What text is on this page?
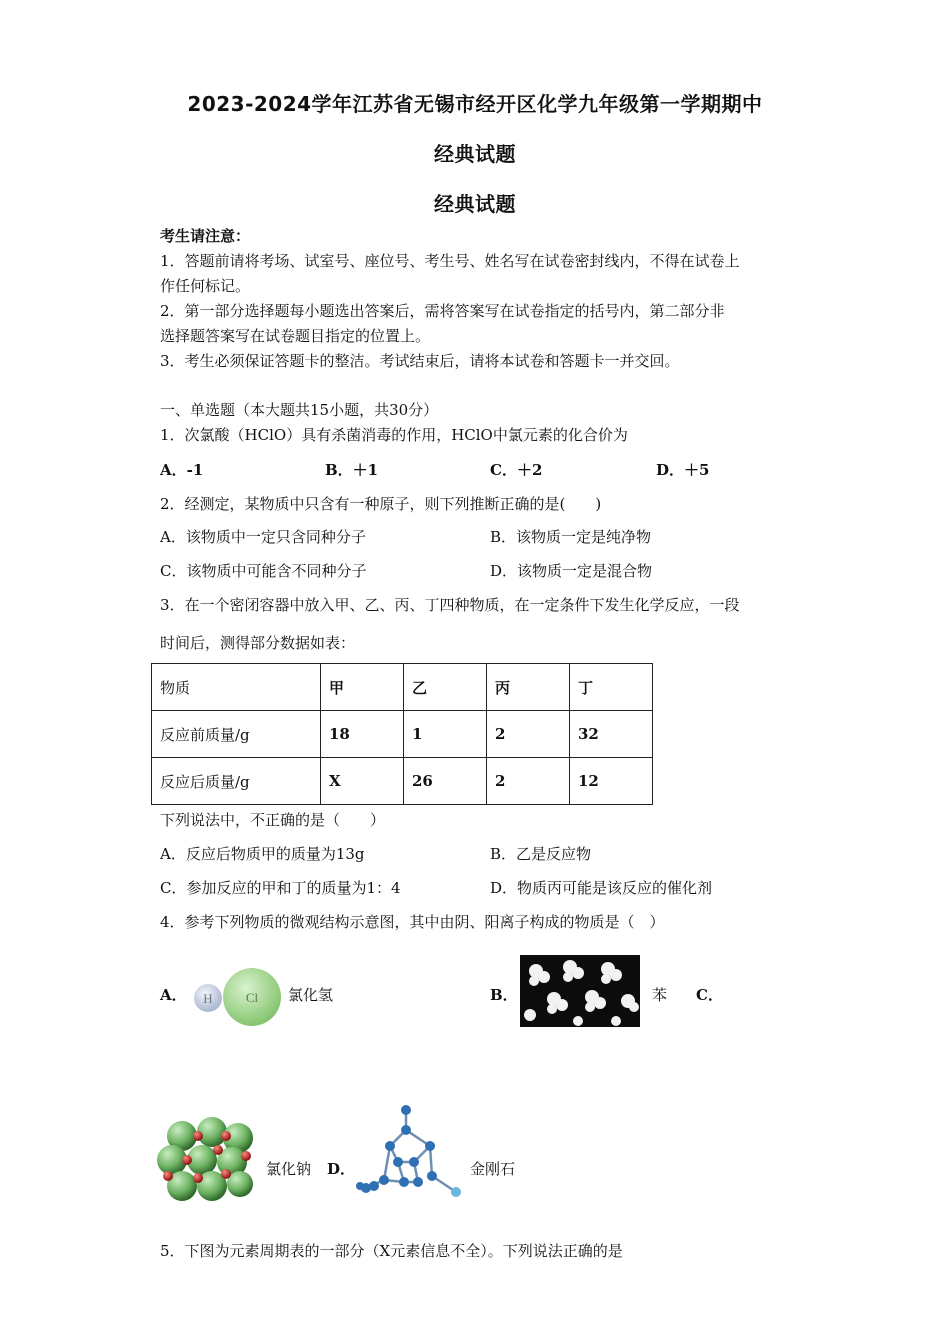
2023-2024学年江苏省无锡市经开区化学九年级第一学期期中
经典试题
经典试题
考生请注意：
1．答题前请将考场、试室号、座位号、考生号、姓名写在试卷密封线内，不得在试卷上
作任何标记。
2．第一部分选择题每小题选出答案后，需将答案写在试卷指定的括号内，第二部分非
选择题答案写在试卷题目指定的位置上。
3．考生必须保证答题卡的整洁。考试结束后，请将本试卷和答题卡一并交回。
一、单选题（本大题共15小题，共30分）
1．次氯酸（HClO）具有杀菌消毒的作用，HClO中氯元素的化合价为
A．-1	B．＋1	C．＋2	D．＋5
2．经测定，某物质中只含有一种原子，则下列推断正确的是(　　)
A．该物质中一定只含同种分子	B．该物质一定是纯净物
C．该物质中可能含不同种分子	D．该物质一定是混合物
3．在一个密闭容器中放入甲、乙、丙、丁四种物质，在一定条件下发生化学反应，一段
时间后，测得部分数据如表：
物质	甲	乙	丙	丁
反应前质量/g	18	1	2	32
反应后质量/g	X	26	2	12
下列说法中，不正确的是（　　）
A．反应后物质甲的质量为13g	B．乙是反应物
C．参加反应的甲和丁的质量为1：4	D．物质丙可能是该反应的催化剂
4．参考下列物质的微观结构示意图，其中由阴、阳离子构成的物质是（　）
A． H	Cl 氯化氢	B．	苯 C．
氯化钠 D．	金刚石
5．下图为元素周期表的一部分（X元素信息不全）。下列说法正确的是
